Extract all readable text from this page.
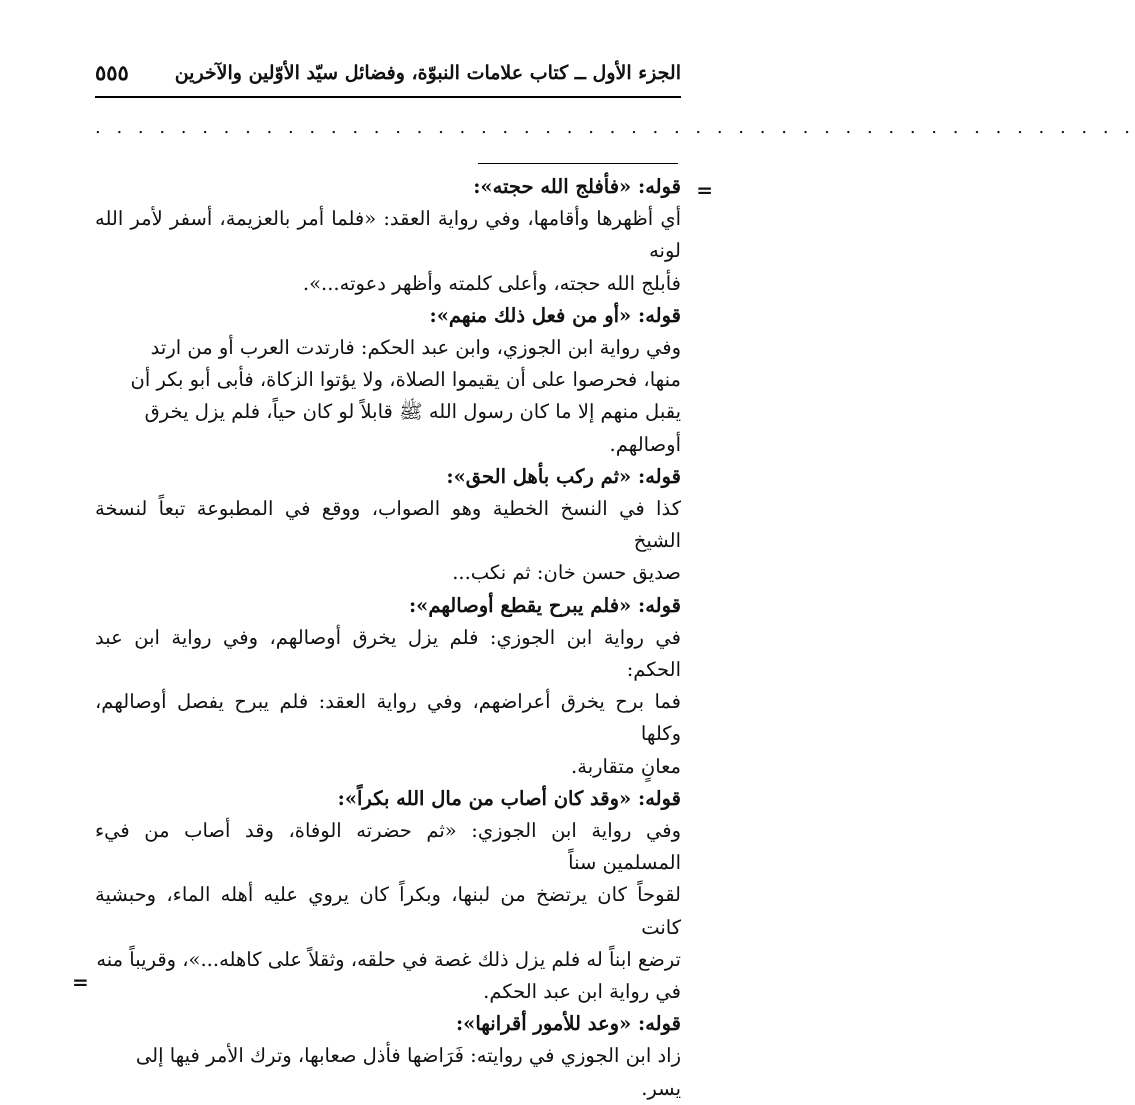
الجزء الأول ــ كتاب علامات النبوّة، وفضائل سيّد الأوّلين والآخرين
٥٥٥
. . . . . . . . . . . . . . . . . . . . . . . . . . . . . . . . . . . . . . . . . . . . . . . . .
=
=

قوله: «فأفلج الله حجته»:

أي أظهرها وأقامها، وفي رواية العقد: «فلما أمر بالعزيمة، أسفر لأمر الله لونه

فأبلج الله حجته، وأعلى كلمته وأظهر دعوته...».

قوله: «أو من فعل ذلك منهم»:

وفي رواية ابن الجوزي، وابن عبد الحكم: فارتدت العرب أو من ارتد

منها، فحرصوا على أن يقيموا الصلاة، ولا يؤتوا الزكاة، فأبى أبو بكر أن

يقبل منهم إلا ما كان رسول الله ﷺ قابلاً لو كان حياً، فلم يزل يخرق

أوصالهم.

قوله: «ثم ركب بأهل الحق»:

كذا في النسخ الخطية وهو الصواب، ووقع في المطبوعة تبعاً لنسخة الشيخ

صديق حسن خان: ثم نكب...

قوله: «فلم يبرح يقطع أوصالهم»:

في رواية ابن الجوزي: فلم يزل يخرق أوصالهم، وفي رواية ابن عبد الحكم:

فما برح يخرق أعراضهم، وفي رواية العقد: فلم يبرح يفصل أوصالهم، وكلها

معانٍ متقاربة.

قوله: «وقد كان أصاب من مال الله بكراً»:

وفي رواية ابن الجوزي: «ثم حضرته الوفاة، وقد أصاب من فيء المسلمين سناً

لقوحاً كان يرتضخ من لبنها، وبكراً كان يروي عليه أهله الماء، وحبشية كانت

ترضع ابناً له فلم يزل ذلك غصة في حلقه، وثقلاً على كاهله...»، وقريباً منه

في رواية ابن عبد الحكم.

قوله: «وعد للأمور أقرانها»:

زاد ابن الجوزي في روايته: فَرَاضها فأذل صعابها، وترك الأمر فيها إلى

يسر.
